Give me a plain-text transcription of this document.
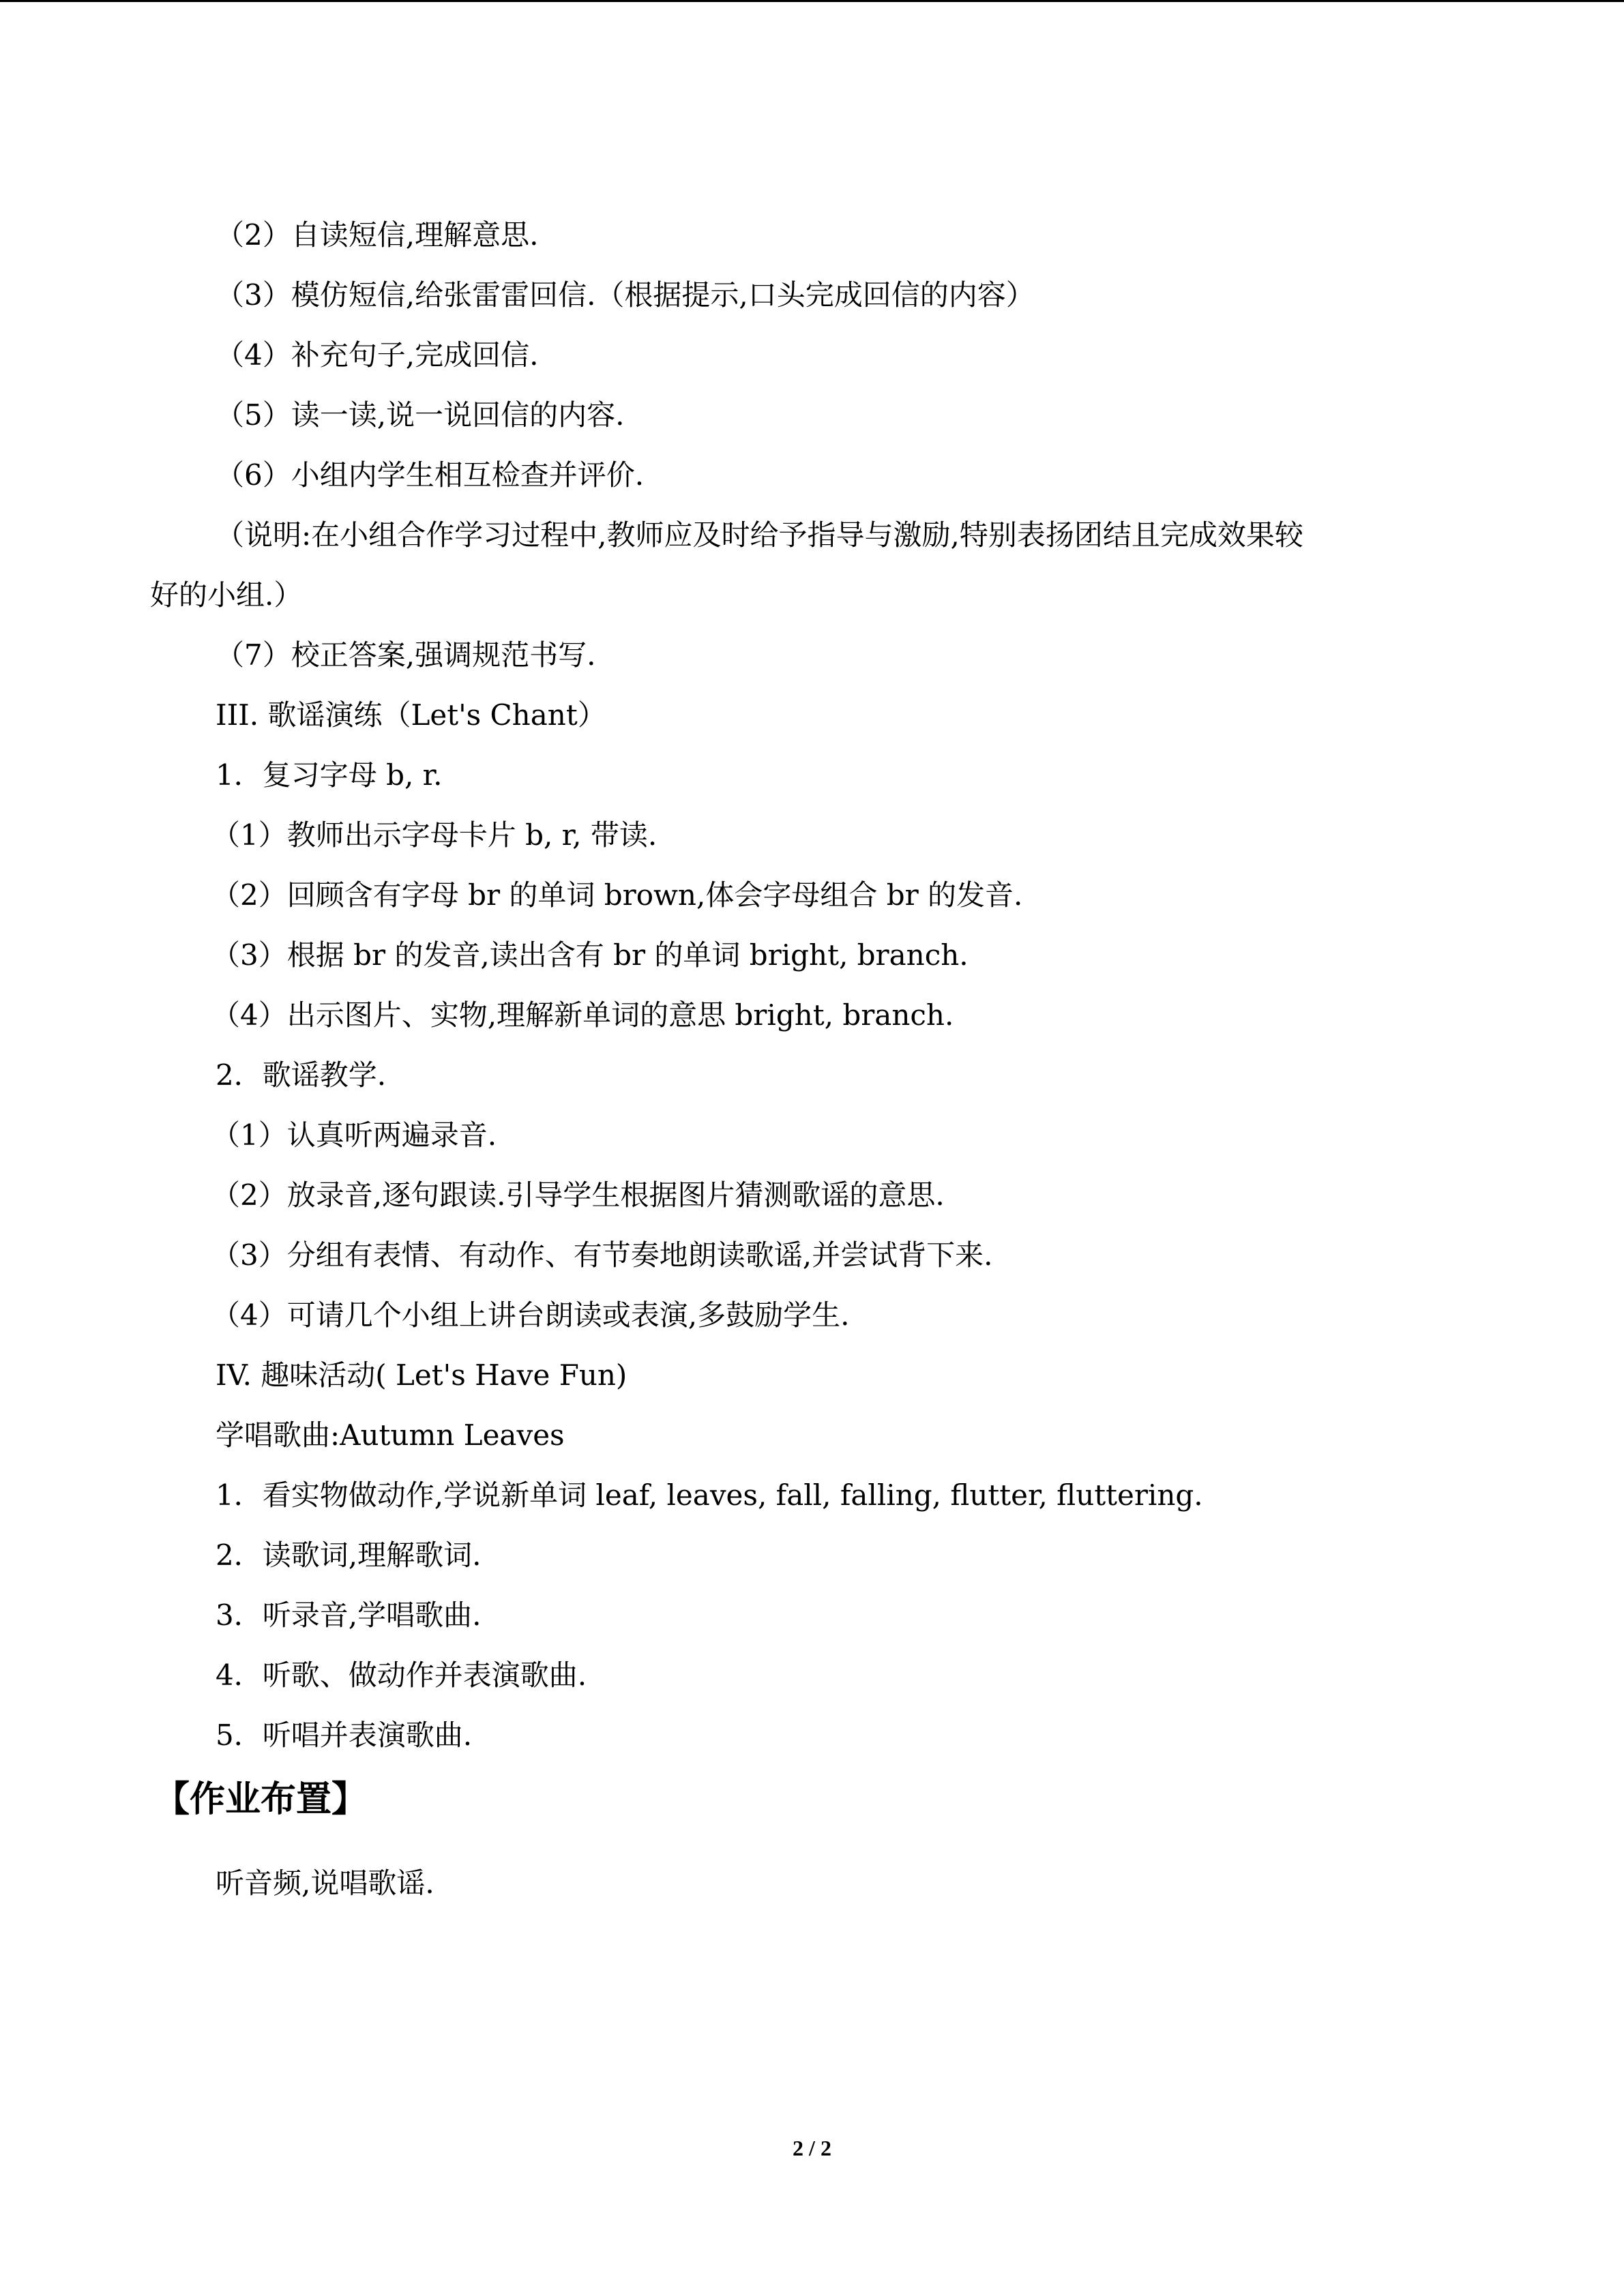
（2）自读短信,理解意思.
（3）模仿短信,给张雷雷回信.（根据提示,口头完成回信的内容）
（4）补充句子,完成回信.
（5）读一读,说一说回信的内容.
（6）小组内学生相互检查并评价.
（说明:在小组合作学习过程中,教师应及时给予指导与激励,特别表扬团结且完成效果较
好的小组.）
（7）校正答案,强调规范书写.
III. 歌谣演练（Let's Chant）
1．复习字母 b, r.
（1）教师出示字母卡片 b, r, 带读.
（2）回顾含有字母 br 的单词 brown,体会字母组合 br 的发音.
（3）根据 br 的发音,读出含有 br 的单词 bright, branch.
（4）出示图片、实物,理解新单词的意思 bright, branch.
2．歌谣教学.
（1）认真听两遍录音.
（2）放录音,逐句跟读.引导学生根据图片猜测歌谣的意思.
（3）分组有表情、有动作、有节奏地朗读歌谣,并尝试背下来.
（4）可请几个小组上讲台朗读或表演,多鼓励学生.
IV. 趣味活动( Let's Have Fun)
学唱歌曲:Autumn Leaves
1．看实物做动作,学说新单词 leaf, leaves, fall, falling, flutter, fluttering.
2．读歌词,理解歌词.
3．听录音,学唱歌曲.
4．听歌、做动作并表演歌曲.
5．听唱并表演歌曲.
【作业布置】
听音频,说唱歌谣.
2 / 2
